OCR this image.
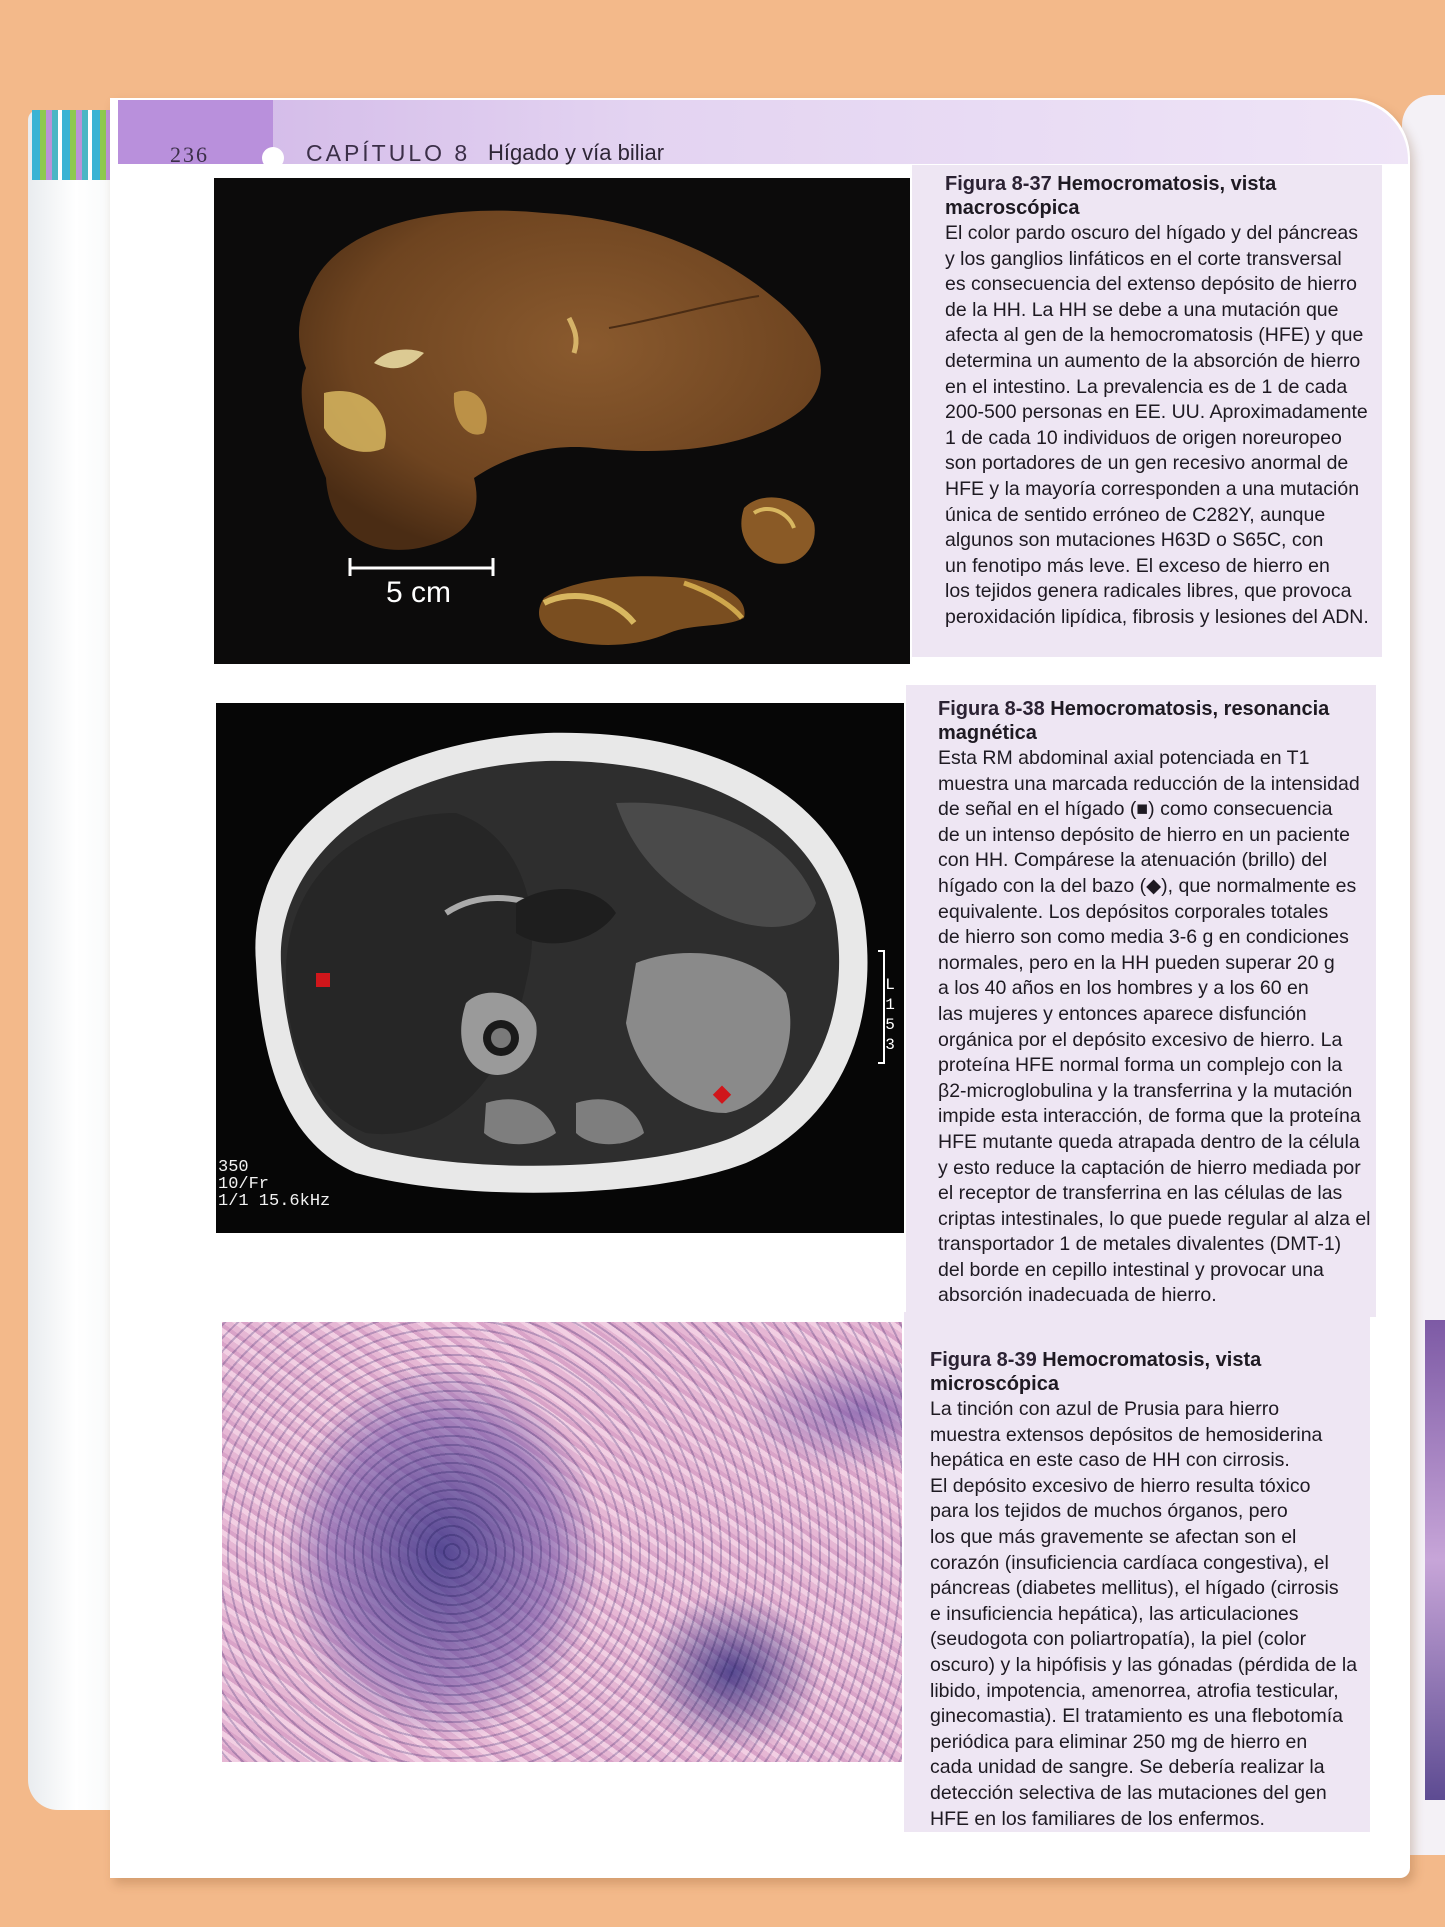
236	CAPÍTULO 8 Hígado y vía biliar
5 cm
Figura 8-37 Hemocromatosis, vista macroscópica
El color pardo oscuro del hígado y del páncreas
y los ganglios linfáticos en el corte transversal
es consecuencia del extenso depósito de hierro
de la HH. La HH se debe a una mutación que
afecta al gen de la hemocromatosis (HFE) y que
determina un aumento de la absorción de hierro
en el intestino. La prevalencia es de 1 de cada
200-500 personas en EE. UU. Aproximadamente
1 de cada 10 individuos de origen noreuropeo
son portadores de un gen recesivo anormal de
HFE y la mayoría corresponden a una mutación
única de sentido erróneo de C282Y, aunque
algunos son mutaciones H63D o S65C, con
un fenotipo más leve. El exceso de hierro en
los tejidos genera radicales libres, que provoca
peroxidación lipídica, fibrosis y lesiones del ADN.
L
1
5
3
350
10/Fr
1/1 15.6kHz
Figura 8-38 Hemocromatosis, resonancia magnética
Esta RM abdominal axial potenciada en T1
muestra una marcada reducción de la intensidad
de señal en el hígado (■) como consecuencia
de un intenso depósito de hierro en un paciente
con HH. Compárese la atenuación (brillo) del
hígado con la del bazo (◆), que normalmente es
equivalente. Los depósitos corporales totales
de hierro son como media 3-6 g en condiciones
normales, pero en la HH pueden superar 20 g
a los 40 años en los hombres y a los 60 en
las mujeres y entonces aparece disfunción
orgánica por el depósito excesivo de hierro. La
proteína HFE normal forma un complejo con la
β2-microglobulina y la transferrina y la mutación
impide esta interacción, de forma que la proteína
HFE mutante queda atrapada dentro de la célula
y esto reduce la captación de hierro mediada por
el receptor de transferrina en las células de las
criptas intestinales, lo que puede regular al alza el
transportador 1 de metales divalentes (DMT-1)
del borde en cepillo intestinal y provocar una
absorción inadecuada de hierro.
Figura 8-39 Hemocromatosis, vista microscópica
La tinción con azul de Prusia para hierro
muestra extensos depósitos de hemosiderina
hepática en este caso de HH con cirrosis.
El depósito excesivo de hierro resulta tóxico
para los tejidos de muchos órganos, pero
los que más gravemente se afectan son el
corazón (insuficiencia cardíaca congestiva), el
páncreas (diabetes mellitus), el hígado (cirrosis
e insuficiencia hepática), las articulaciones
(seudogota con poliartropatía), la piel (color
oscuro) y la hipófisis y las gónadas (pérdida de la
libido, impotencia, amenorrea, atrofia testicular,
ginecomastia). El tratamiento es una flebotomía
periódica para eliminar 250 mg de hierro en
cada unidad de sangre. Se debería realizar la
detección selectiva de las mutaciones del gen
HFE en los familiares de los enfermos.
